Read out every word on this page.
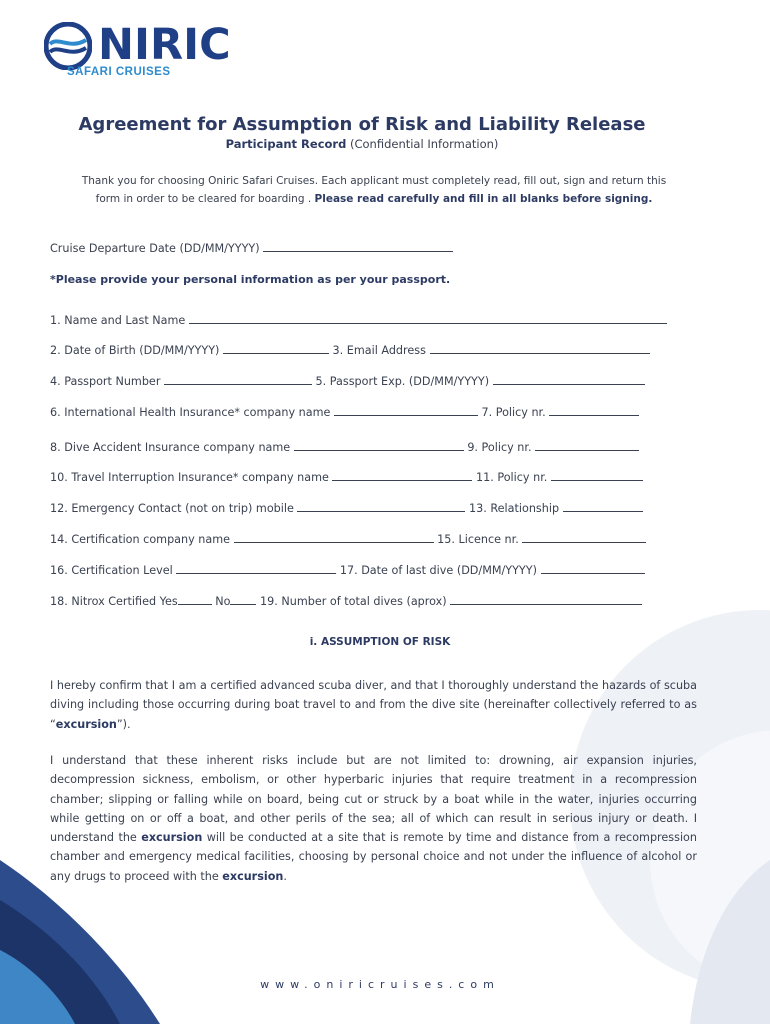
NIRIC
SAFARI CRUISES
Agreement for Assumption of Risk and Liability Release
Participant Record (Confidential Information)
Thank you for choosing Oniric Safari Cruises. Each applicant must completely read, fill out, sign and return this
form in order to be cleared for boarding . Please read carefully and fill in all blanks before signing.
Cruise Departure Date (DD/MM/YYYY)
*Please provide your personal information as per your passport.
1. Name and Last Name
2. Date of Birth (DD/MM/YYYY)	3. Email Address
4. Passport Number	5. Passport Exp. (DD/MM/YYYY)
6. International Health Insurance* company name	7. Policy nr.
8. Dive Accident Insurance company name	9. Policy nr.
10. Travel Interruption Insurance* company name	11. Policy nr.
12. Emergency Contact (not on trip) mobile	13. Relationship
14. Certification company name	15. Licence nr.
16. Certification Level	17. Date of last dive (DD/MM/YYYY)
18. Nitrox Certified Yes	No	19. Number of total dives (aprox)
i. ASSUMPTION OF RISK
I hereby confirm that I am a certified advanced scuba diver, and that I thoroughly understand the hazards of scuba diving including those occurring during boat travel to and from the dive site (hereinafter collectively referred to as “excursion”).
I understand that these inherent risks include but are not limited to: drowning, air expansion injuries, decompression sickness, embolism, or other hyperbaric injuries that require treatment in a recompression chamber; slipping or falling while on board, being cut or struck by a boat while in the water, injuries occurring while getting on or off a boat, and other perils of the sea; all of which can result in serious injury or death. I understand the excursion will be conducted at a site that is remote by time and distance from a recompression chamber and emergency medical facilities, choosing by personal choice and not under the influence of alcohol or any drugs to proceed with the excursion.
www.oniricruises.com
